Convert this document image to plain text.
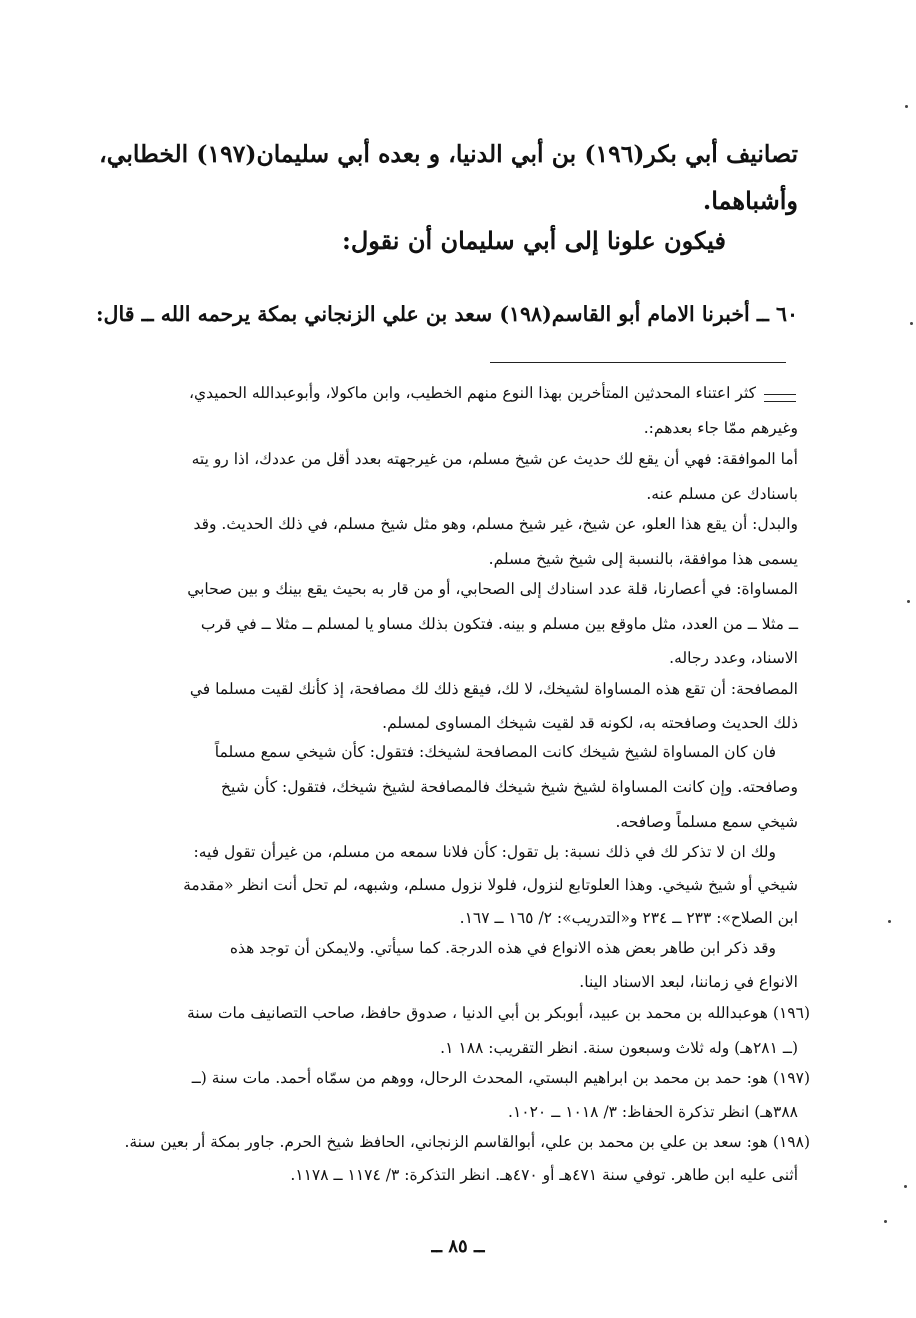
تصانيف أبي بكر(١٩٦) بن أبي الدنيا، و بعده أبي سليمان(١٩٧) الخطابي،
وأشباهما.
فيكون علونا إلى أبي سليمان أن نقول:
٦٠ ــ أخبرنا الامام أبو القاسم(١٩٨) سعد بن علي الزنجاني بمكة يرحمه الله ــ قال:
كثر اعتناء المحدثين المتأخرين بهذا النوع منهم الخطيب، وابن ماكولا، وأبوعبدالله الحميدي،
وغيرهم ممّا جاء بعدهم:.
أما الموافقة: فهي أن يقع لك حديث عن شيخ مسلم، من غيرجهته بعدد أقل من عددك، اذا رو يته
باسنادك عن مسلم عنه.
والبدل: أن يقع هذا العلو، عن شيخ، غير شيخ مسلم، وهو مثل شيخ مسلم، في ذلك الحديث. وقد
يسمى هذا موافقة، بالنسبة إلى شيخ شيخ مسلم.
المساواة: في أعصارنا، قلة عدد اسنادك إلى الصحابي، أو من قار به بحيث يقع بينك و بين صحابي
ــ مثلا ــ من العدد، مثل ماوقع بين مسلم و بينه. فتكون بذلك مساو يا لمسلم ــ مثلا ــ في قرب
الاسناد، وعدد رجاله.
المصافحة: أن تقع هذه المساواة لشيخك، لا لك، فيقع ذلك لك مصافحة، إذ كأنك لقيت مسلما في
ذلك الحديث وصافحته به، لكونه قد لقيت شيخك المساوى لمسلم.
فان كان المساواة لشيخ شيخك كانت المصافحة لشيخك: فتقول: كأن شيخي سمع مسلماً
وصافحته. وإن كانت المساواة لشيخ شيخ شيخك فالمصافحة لشيخ شيخك، فتقول: كأن شيخ
شيخي سمع مسلماً وصافحه.
ولك ان لا تذكر لك في ذلك نسبة: بل تقول: كأن فلانا سمعه من مسلم، من غيرأن تقول فيه:
شيخي أو شيخ شيخي. وهذا العلوتابع لنزول، فلولا نزول مسلم، وشبهه، لم تحل أنت انظر «مقدمة
ابن الصلاح»: ٢٣٣ ــ ٢٣٤ و«التدريب»: ٢/ ١٦٥ ــ ١٦٧.
وقد ذكر ابن طاهر بعض هذه الانواع في هذه الدرجة. كما سيأتي. ولايمكن أن توجد هذه
الانواع في زماننا، لبعد الاسناد الينا.
(١٩٦) هوعبدالله بن محمد بن عبيد، أبوبكر بن أبي الدنيا ، صدوق حافظ، صاحب التصانيف مات سنة
(ــ ٢٨١هـ) وله ثلاث وسبعون سنة. انظر التقريب: ١٨٨ ١.
(١٩٧) هو: حمد بن محمد بن ابراهيم البستي، المحدث الرحال، ووهم من سمّاه أحمد. مات سنة (ــ
٣٨٨هـ) انظر تذكرة الحفاظ: ٣/ ١٠١٨ ــ ١٠٢٠.
(١٩٨) هو: سعد بن علي بن محمد بن علي، أبوالقاسم الزنجاني، الحافظ شيخ الحرم. جاور بمكة أر بعين سنة.
أثنى عليه ابن طاهر. توفي سنة ٤٧١هـ أو ٤٧٠هـ. انظر التذكرة: ٣/ ١١٧٤ ــ ١١٧٨.
ــ ٨٥ ــ
